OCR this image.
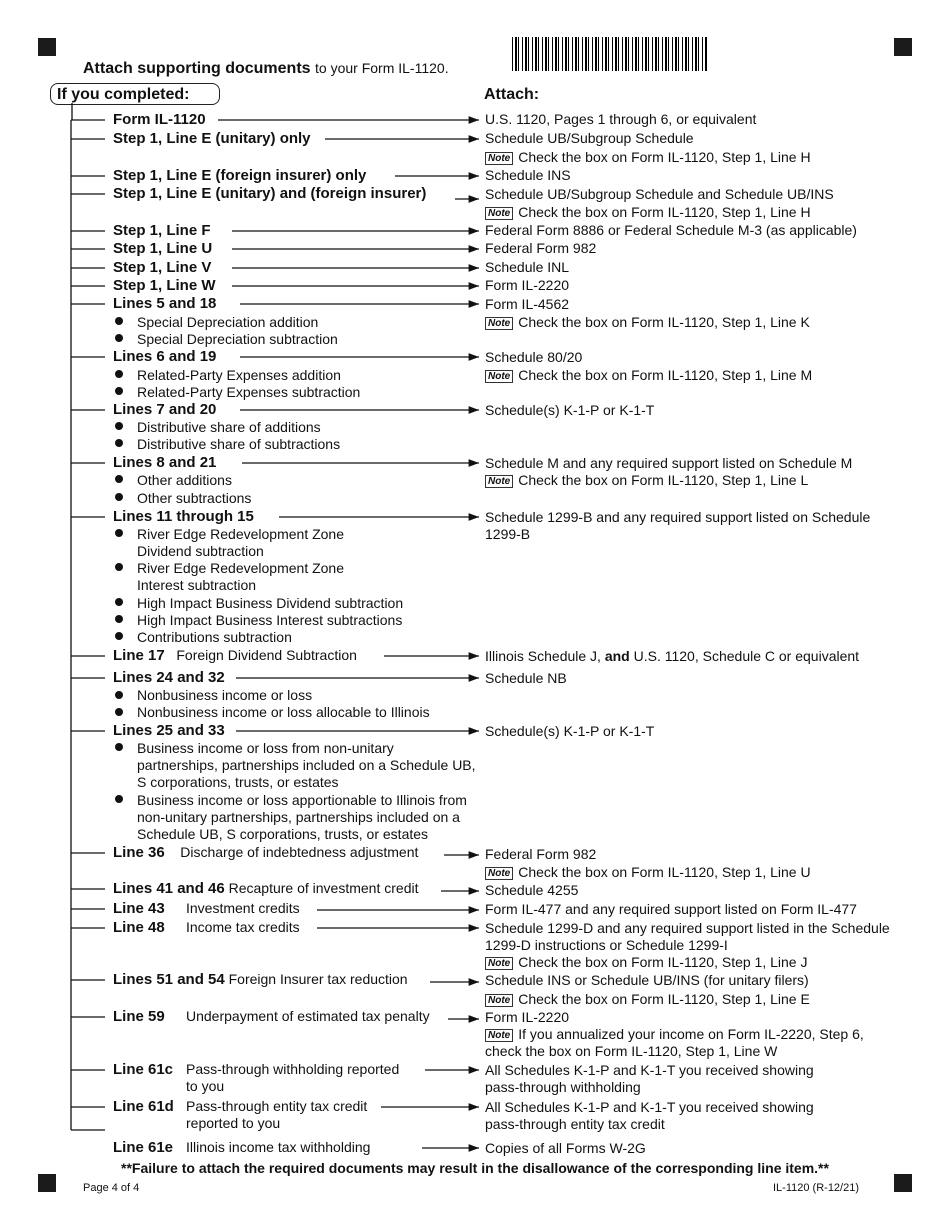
Attach supporting documents to your Form IL-1120.
If you completed:	Attach:
Form IL-1120
Step 1, Line E (unitary) only
Step 1, Line E (foreign insurer) only
Step 1, Line E (unitary) and (foreign insurer)
Step 1, Line F
Step 1, Line U
Step 1, Line V
Step 1, Line W
Lines 5 and 18
Special Depreciation addition
Special Depreciation subtraction
Lines 6 and 19
Related-Party Expenses addition
Related-Party Expenses subtraction
Lines 7 and 20
Distributive share of additions
Distributive share of subtractions
Lines 8 and 21
Other additions
Other subtractions
Lines 11 through 15
River Edge Redevelopment Zone
Dividend subtraction
River Edge Redevelopment Zone
Interest subtraction
High Impact Business Dividend subtraction
High Impact Business Interest subtractions
Contributions subtraction
Line 17 Foreign Dividend Subtraction
Lines 24 and 32
Nonbusiness income or loss
Nonbusiness income or loss allocable to Illinois
Lines 25 and 33
Business income or loss from non-unitary
partnerships, partnerships included on a Schedule UB,
S corporations, trusts, or estates
Business income or loss apportionable to Illinois from
non-unitary partnerships, partnerships included on a
Schedule UB, S corporations, trusts, or estates
Line 36 Discharge of indebtedness adjustment
Lines 41 and 46 Recapture of investment credit
Line 43 Investment credits
Line 48 Income tax credits
Lines 51 and 54 Foreign Insurer tax reduction
Line 59 Underpayment of estimated tax penalty
Line 61c Pass-through withholding reported
to you
Line 61d Pass-through entity tax credit
reported to you
Line 61e Illinois income tax withholding
U.S. 1120, Pages 1 through 6, or equivalent
Schedule UB/Subgroup Schedule
Note Check the box on Form IL-1120, Step 1, Line H
Schedule INS
Schedule UB/Subgroup Schedule and Schedule UB/INS
Note Check the box on Form IL-1120, Step 1, Line H
Federal Form 8886 or Federal Schedule M-3 (as applicable)
Federal Form 982
Schedule INL
Form IL-2220
Form IL-4562
Note Check the box on Form IL-1120, Step 1, Line K
Schedule 80/20
Note Check the box on Form IL-1120, Step 1, Line M
Schedule(s) K-1-P or K-1-T
Schedule M and any required support listed on Schedule M
Note Check the box on Form IL-1120, Step 1, Line L
Schedule 1299-B and any required support listed on Schedule
1299-B
Illinois Schedule J, and U.S. 1120, Schedule C or equivalent
Schedule NB
Schedule(s) K-1-P or K-1-T
Federal Form 982
Note Check the box on Form IL-1120, Step 1, Line U
Schedule 4255
Form IL-477 and any required support listed on Form IL-477
Schedule 1299-D and any required support listed in the Schedule
1299-D instructions or Schedule 1299-I
Note Check the box on Form IL-1120, Step 1, Line J
Schedule INS or Schedule UB/INS (for unitary filers)
Note Check the box on Form IL-1120, Step 1, Line E
Form IL-2220
Note If you annualized your income on Form IL-2220, Step 6,
check the box on Form IL-1120, Step 1, Line W
All Schedules K-1-P and K-1-T you received showing
pass-through withholding
All Schedules K-1-P and K-1-T you received showing
pass-through entity tax credit
Copies of all Forms W-2G
**Failure to attach the required documents may result in the disallowance of the corresponding line item.**
Page 4 of 4	IL-1120 (R-12/21)
